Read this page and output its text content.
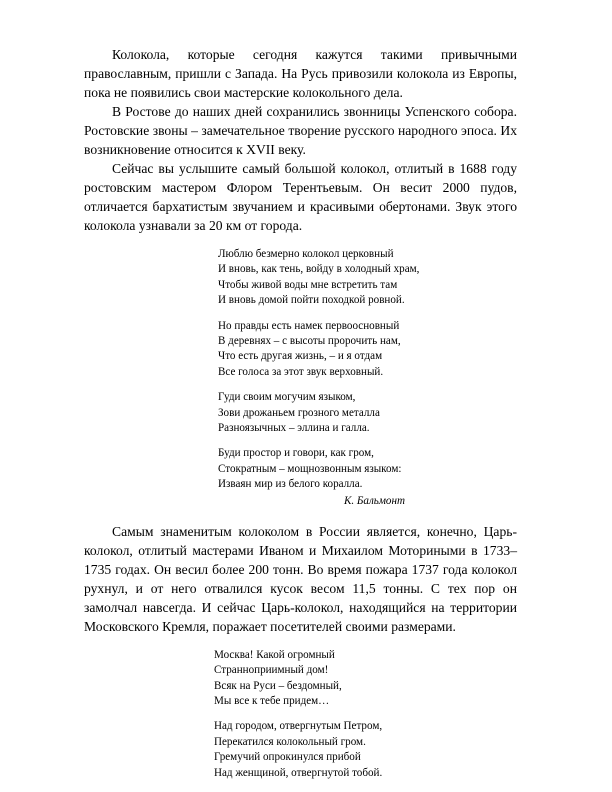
Колокола, которые сегодня кажутся такими привычными православным, пришли с Запада. На Русь привозили колокола из Европы, пока не появились свои мастерские колокольного дела.

В Ростове до наших дней сохранились звонницы Успенского собора. Ростовские звоны – замечательное творение русского народного эпоса. Их возникновение относится к XVII веку.

Сейчас вы услышите самый большой колокол, отлитый в 1688 году ростовским мастером Флором Терентьевым. Он весит 2000 пудов, отличается бархатистым звучанием и красивыми обертонами. Звук этого колокола узнавали за 20 км от города.

Люблю безмерно колокол церковный
И вновь, как тень, войду в холодный храм,
Чтобы живой воды мне встретить там
И вновь домой пойти походкой ровной.
Но правды есть намек первоосновный
В деревнях – с высоты пророчить нам,
Что есть другая жизнь, – и я отдам
Все голоса за этот звук верховный.
Гуди своим могучим языком,
Зови дрожаньем грозного металла
Разноязычных – эллина и галла.
Буди простор и говори, как гром,
Стократным – мощнозвонным языком:
Изваян мир из белого коралла.
К. Бальмонт

Самым знаменитым колоколом в России является, конечно, Царь-колокол, отлитый мастерами Иваном и Михаилом Моториными в 1733–1735 годах. Он весил более 200 тонн. Во время пожара 1737 года колокол рухнул, и от него отвалился кусок весом 11,5 тонны. С тех пор он замолчал навсегда. И сейчас Царь-колокол, находящийся на территории Московского Кремля, поражает посетителей своими размерами.

Москва! Какой огромный
Странноприимный дом!
Всяк на Руси – бездомный,
Мы все к тебе придем…
Над городом, отвергнутым Петром,
Перекатился колокольный гром.
Гремучий опрокинулся прибой
Над женщиной, отвергнутой тобой.
